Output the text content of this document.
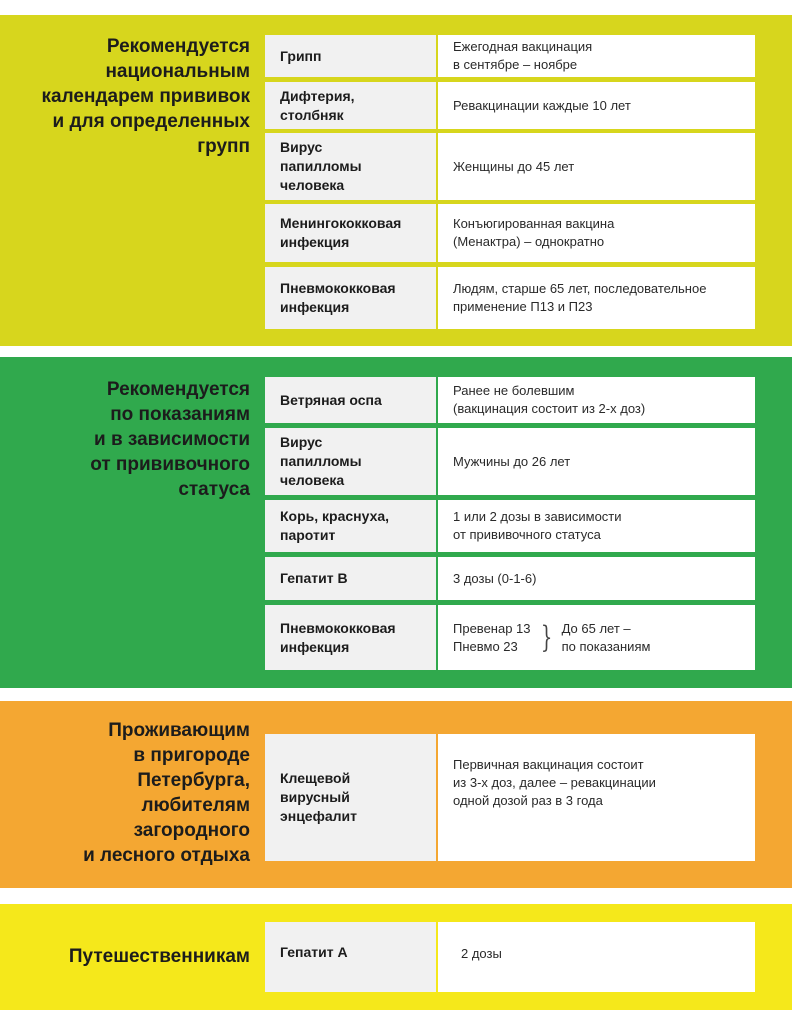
Рекомендуется
национальным
календарем прививок
и для определенных
групп
Грипп
Ежегодная вакцинация
в сентябре – ноябре
Дифтерия,
столбняк
Ревакцинации каждые 10 лет
Вирус
папилломы
человека
Женщины до 45 лет
Менингококковая
инфекция
Конъюгированная вакцина
(Менактра) – однократно
Пневмококковая
инфекция
Людям, старше 65 лет, последовательное
применение П13 и П23
Рекомендуется
по показаниям
и в зависимости
от прививочного
статуса
Ветряная оспа
Ранее не болевшим
(вакцинация состоит из 2-х доз)
Вирус
папилломы
человека
Мужчины до 26 лет
Корь, краснуха,
паротит
1 или 2 дозы в зависимости
от прививочного статуса
Гепатит В	3 дозы (0-1-6)
Пневмококковая
инфекция
Превенар 13
Пневмо 23 } До 65 лет –
по показаниям
Проживающим
в пригороде
Петербурга,
любителям
загородного
и лесного отдыха
Клещевой
вирусный
энцефалит
Первичная вакцинация состоит
из 3-х доз, далее – ревакцинации
одной дозой раз в 3 года
Путешественникам Гепатит А	2 дозы
